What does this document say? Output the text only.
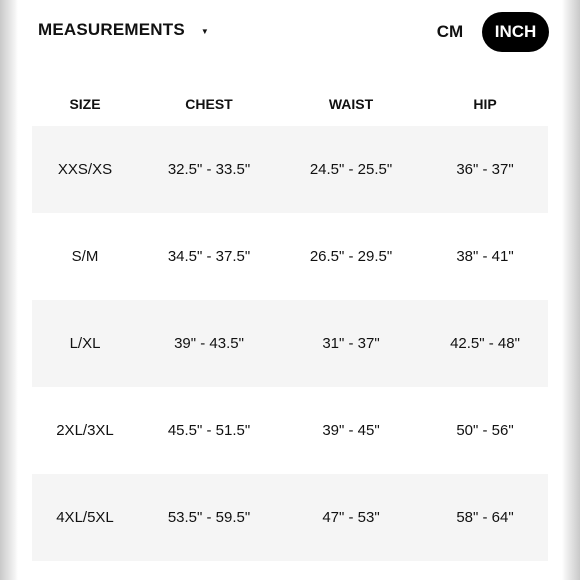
MEASUREMENTS ▼	CM	INCH
SIZE	CHEST	WAIST	HIP
XXS/XS	32.5" - 33.5"	24.5" - 25.5"	36" - 37"
S/M	34.5" - 37.5"	26.5" - 29.5"	38" - 41"
L/XL	39" - 43.5"	31" - 37"	42.5" - 48"
2XL/3XL	45.5" - 51.5"	39" - 45"	50" - 56"
4XL/5XL	53.5" - 59.5"	47" - 53"	58" - 64"
